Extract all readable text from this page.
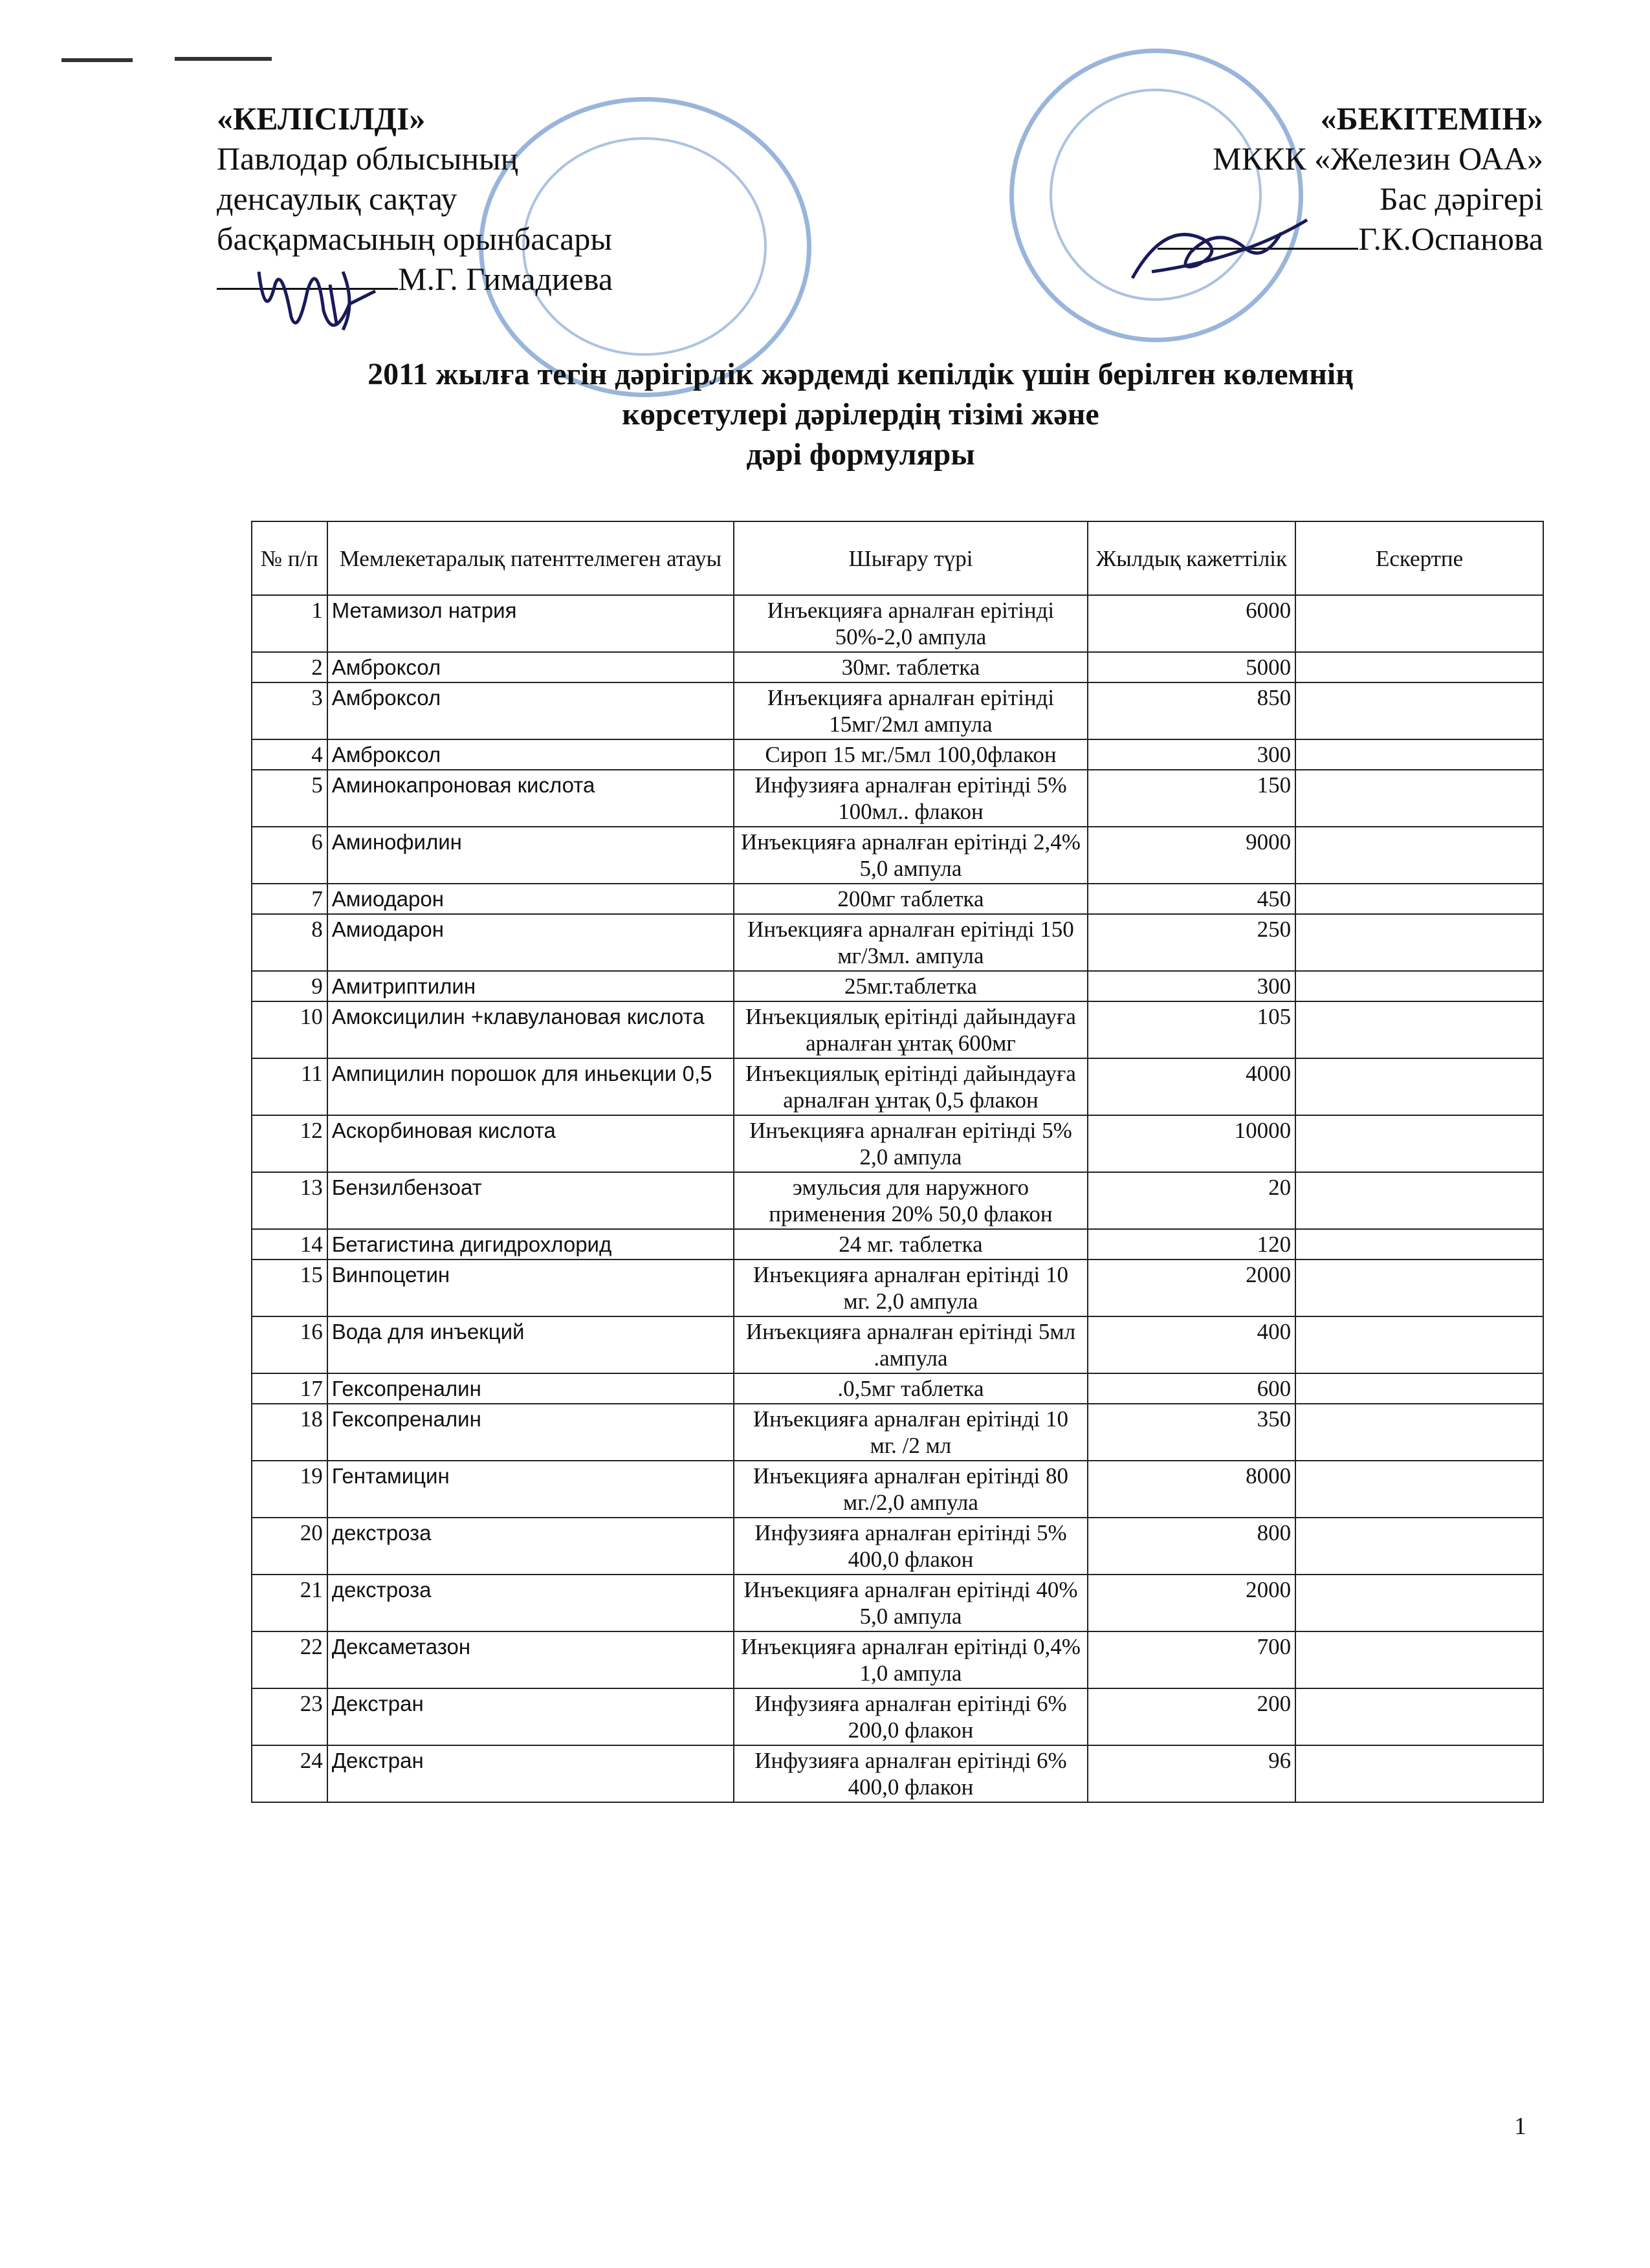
«КЕЛІСІЛДІ»
Павлодар облысының
денсаулық сақтау
басқармасының орынбасары
М.Г. Гимадиева
«БЕКІТЕМІН»
МККК «Железин ОАА»
Бас дәрігері
Г.К.Оспанова
2011 жылға тегін дәрігірлік жәрдемді кепілдік үшін берілген көлемнің
көрсетулері дәрілердің тізімі және
дәрі формуляры
№ п/п	Мемлекетаралық патенттелмеген атауы	Шығару түрі	Жылдық кажеттілік	Ескертпе
1	Метамизол натрия	Инъекцияға арналған ерітінді 50%-2,0 ампула	6000	
2	Амброксол	30мг. таблетка	5000	
3	Амброксол	Инъекцияға арналған ерітінді 15мг/2мл ампула	850	
4	Амброксол	Сироп 15 мг./5мл 100,0флакон	300	
5	Аминокапроновая кислота	Инфузияға арналған ерітінді 5% 100мл.. флакон	150	
6	Аминофилин	Инъекцияға арналған ерітінді 2,4% 5,0 ампула	9000	
7	Амиодарон	200мг таблетка	450	
8	Амиодарон	Инъекцияға арналған ерітінді 150 мг/3мл. ампула	250	
9	Амитриптилин	25мг.таблетка	300	
10	Амоксицилин +клавулановая кислота	Инъекциялық ерітінді дайындауға арналған ұнтақ 600мг	105	
11	Ампицилин порошок для иньекции 0,5	Инъекциялық ерітінді дайындауға арналған ұнтақ 0,5 флакон	4000	
12	Аскорбиновая кислота	Инъекцияға арналған ерітінді 5% 2,0 ампула	10000	
13	Бензилбензоат	эмульсия для наружного применения 20% 50,0 флакон	20	
14	Бетагистина дигидрохлорид	24 мг. таблетка	120	
15	Винпоцетин	Инъекцияға арналған ерітінді 10 мг. 2,0 ампула	2000	
16	Вода для инъекций	Инъекцияға арналған ерітінді 5мл .ампула	400	
17	Гексопреналин	.0,5мг таблетка	600	
18	Гексопреналин	Инъекцияға арналған ерітінді 10 мг. /2 мл	350	
19	Гентамицин	Инъекцияға арналған ерітінді 80 мг./2,0 ампула	8000	
20	декстроза	Инфузияға арналған ерітінді 5% 400,0 флакон	800	
21	декстроза	Инъекцияға арналған ерітінді 40% 5,0 ампула	2000	
22	Дексаметазон	Инъекцияға арналған ерітінді 0,4% 1,0 ампула	700	
23	Декстран	Инфузияға арналған ерітінді 6% 200,0 флакон	200	
24	Декстран	Инфузияға арналған ерітінді 6% 400,0 флакон	96	
1
